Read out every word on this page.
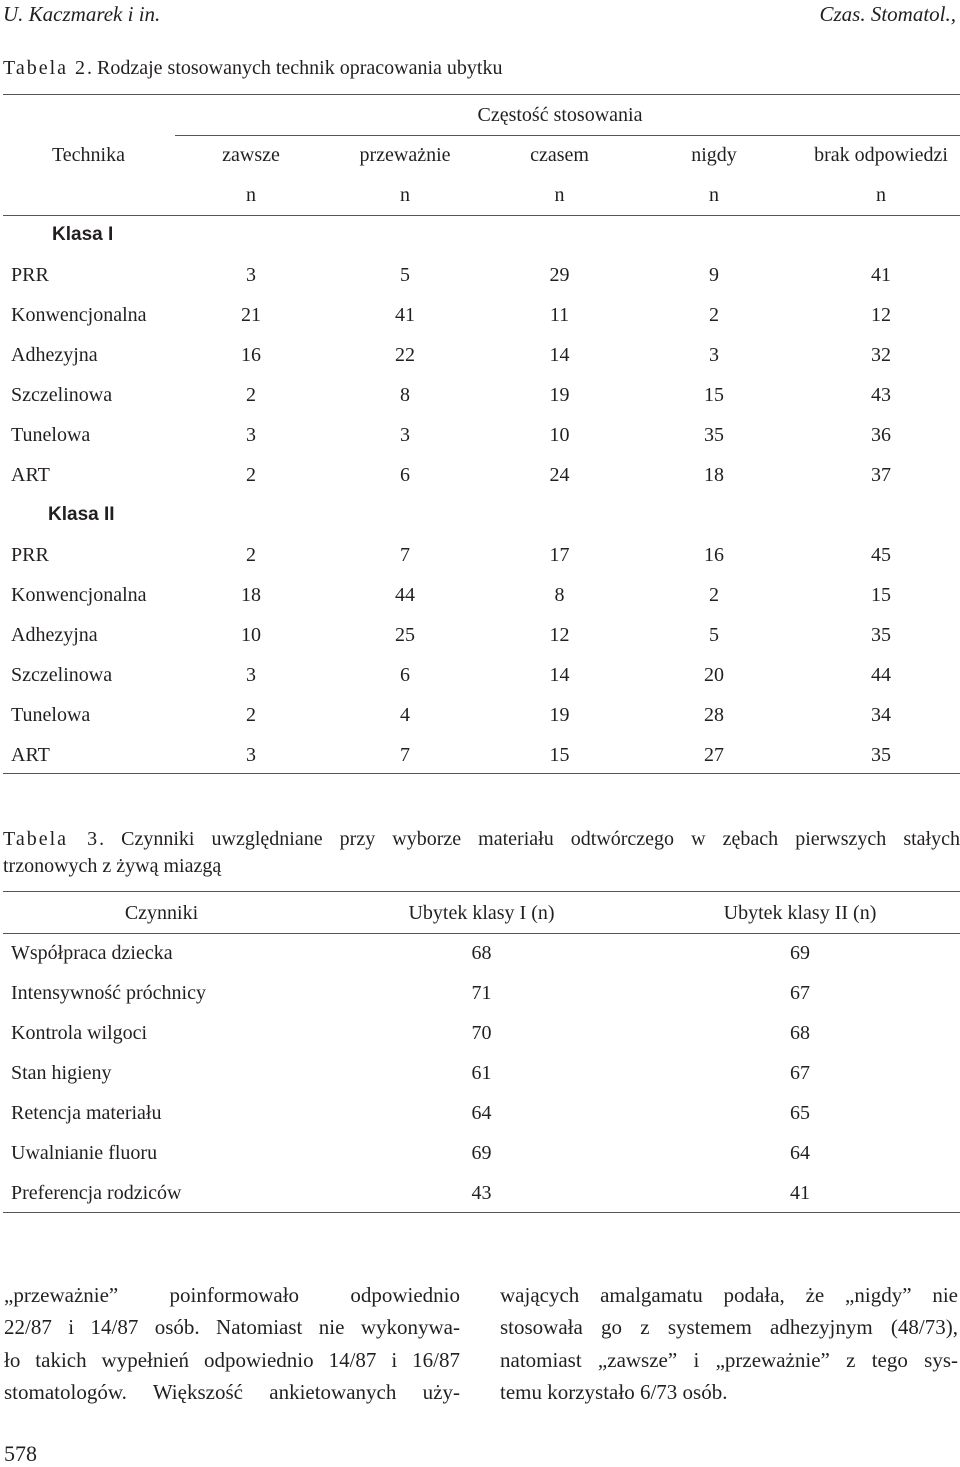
U. Kaczmarek i in.	Czas. Stomatol.,
Tabela 2. Rodzaje stosowanych technik opracowania ubytku
Częstość stosowania
Technika	zawsze	przeważnie	czasem	nigdy	brak odpowiedzi
	n	n	n	n	n
Klasa I					
PRR	3	5	29	9	41
Konwencjonalna	21	41	11	2	12
Adhezyjna	16	22	14	3	32
Szczelinowa	2	8	19	15	43
Tunelowa	3	3	10	35	36
ART	2	6	24	18	37
Klasa II					
PRR	2	7	17	16	45
Konwencjonalna	18	44	8	2	15
Adhezyjna	10	25	12	5	35
Szczelinowa	3	6	14	20	44
Tunelowa	2	4	19	28	34
ART	3	7	15	27	35
Tabela 3. Czynniki uwzględniane przy wyborze materiału odtwórczego w zębach pierwszych stałych
trzonowych z żywą miazgą
Czynniki	Ubytek klasy I (n)	Ubytek klasy II (n)
Współpraca dziecka	68	69
Intensywność próchnicy	71	67
Kontrola wilgoci	70	68
Stan higieny	61	67
Retencja materiału	64	65
Uwalnianie fluoru	69	64
Preferencja rodziców	43	41

„przeważnie” poinformowało odpowiednio

22/87 i 14/87 osób. Natomiast nie wykonywa-

ło takich wypełnień odpowiednio 14/87 i 16/87

stomatologów. Większość ankietowanych uży-

wających amalgamatu podała, że „nigdy” nie

stosowała go z systemem adhezyjnym (48/73),

natomiast „zawsze” i „przeważnie” z tego sys-

temu korzystało 6/73 osób.

578
